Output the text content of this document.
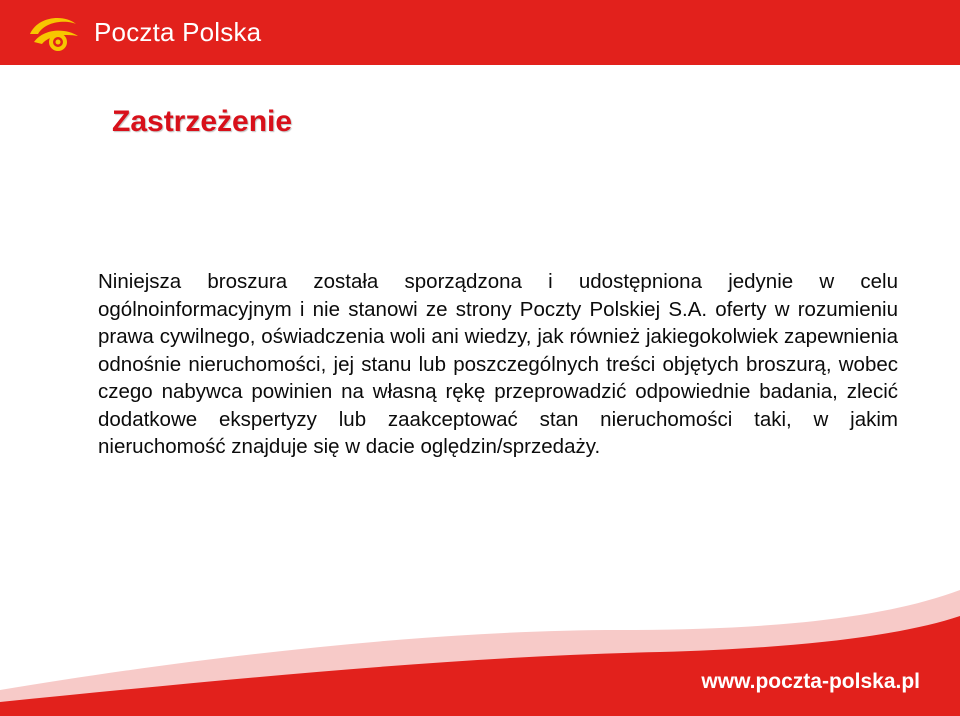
Poczta Polska
Zastrzeżenie

Niniejsza broszura została sporządzona i udostępniona jedynie w celu ogólnoinformacyjnym i nie stanowi ze strony Poczty Polskiej S.A. oferty w rozumieniu prawa cywilnego, oświadczenia woli ani wiedzy, jak również jakiegokolwiek zapewnienia odnośnie nieruchomości, jej stanu lub poszczególnych treści objętych broszurą, wobec czego nabywca powinien na własną rękę przeprowadzić odpowiednie badania, zlecić dodatkowe ekspertyzy lub zaakceptować stan nieruchomości taki, w jakim nieruchomość znajduje się w dacie oględzin/sprzedaży.

www.poczta-polska.pl
